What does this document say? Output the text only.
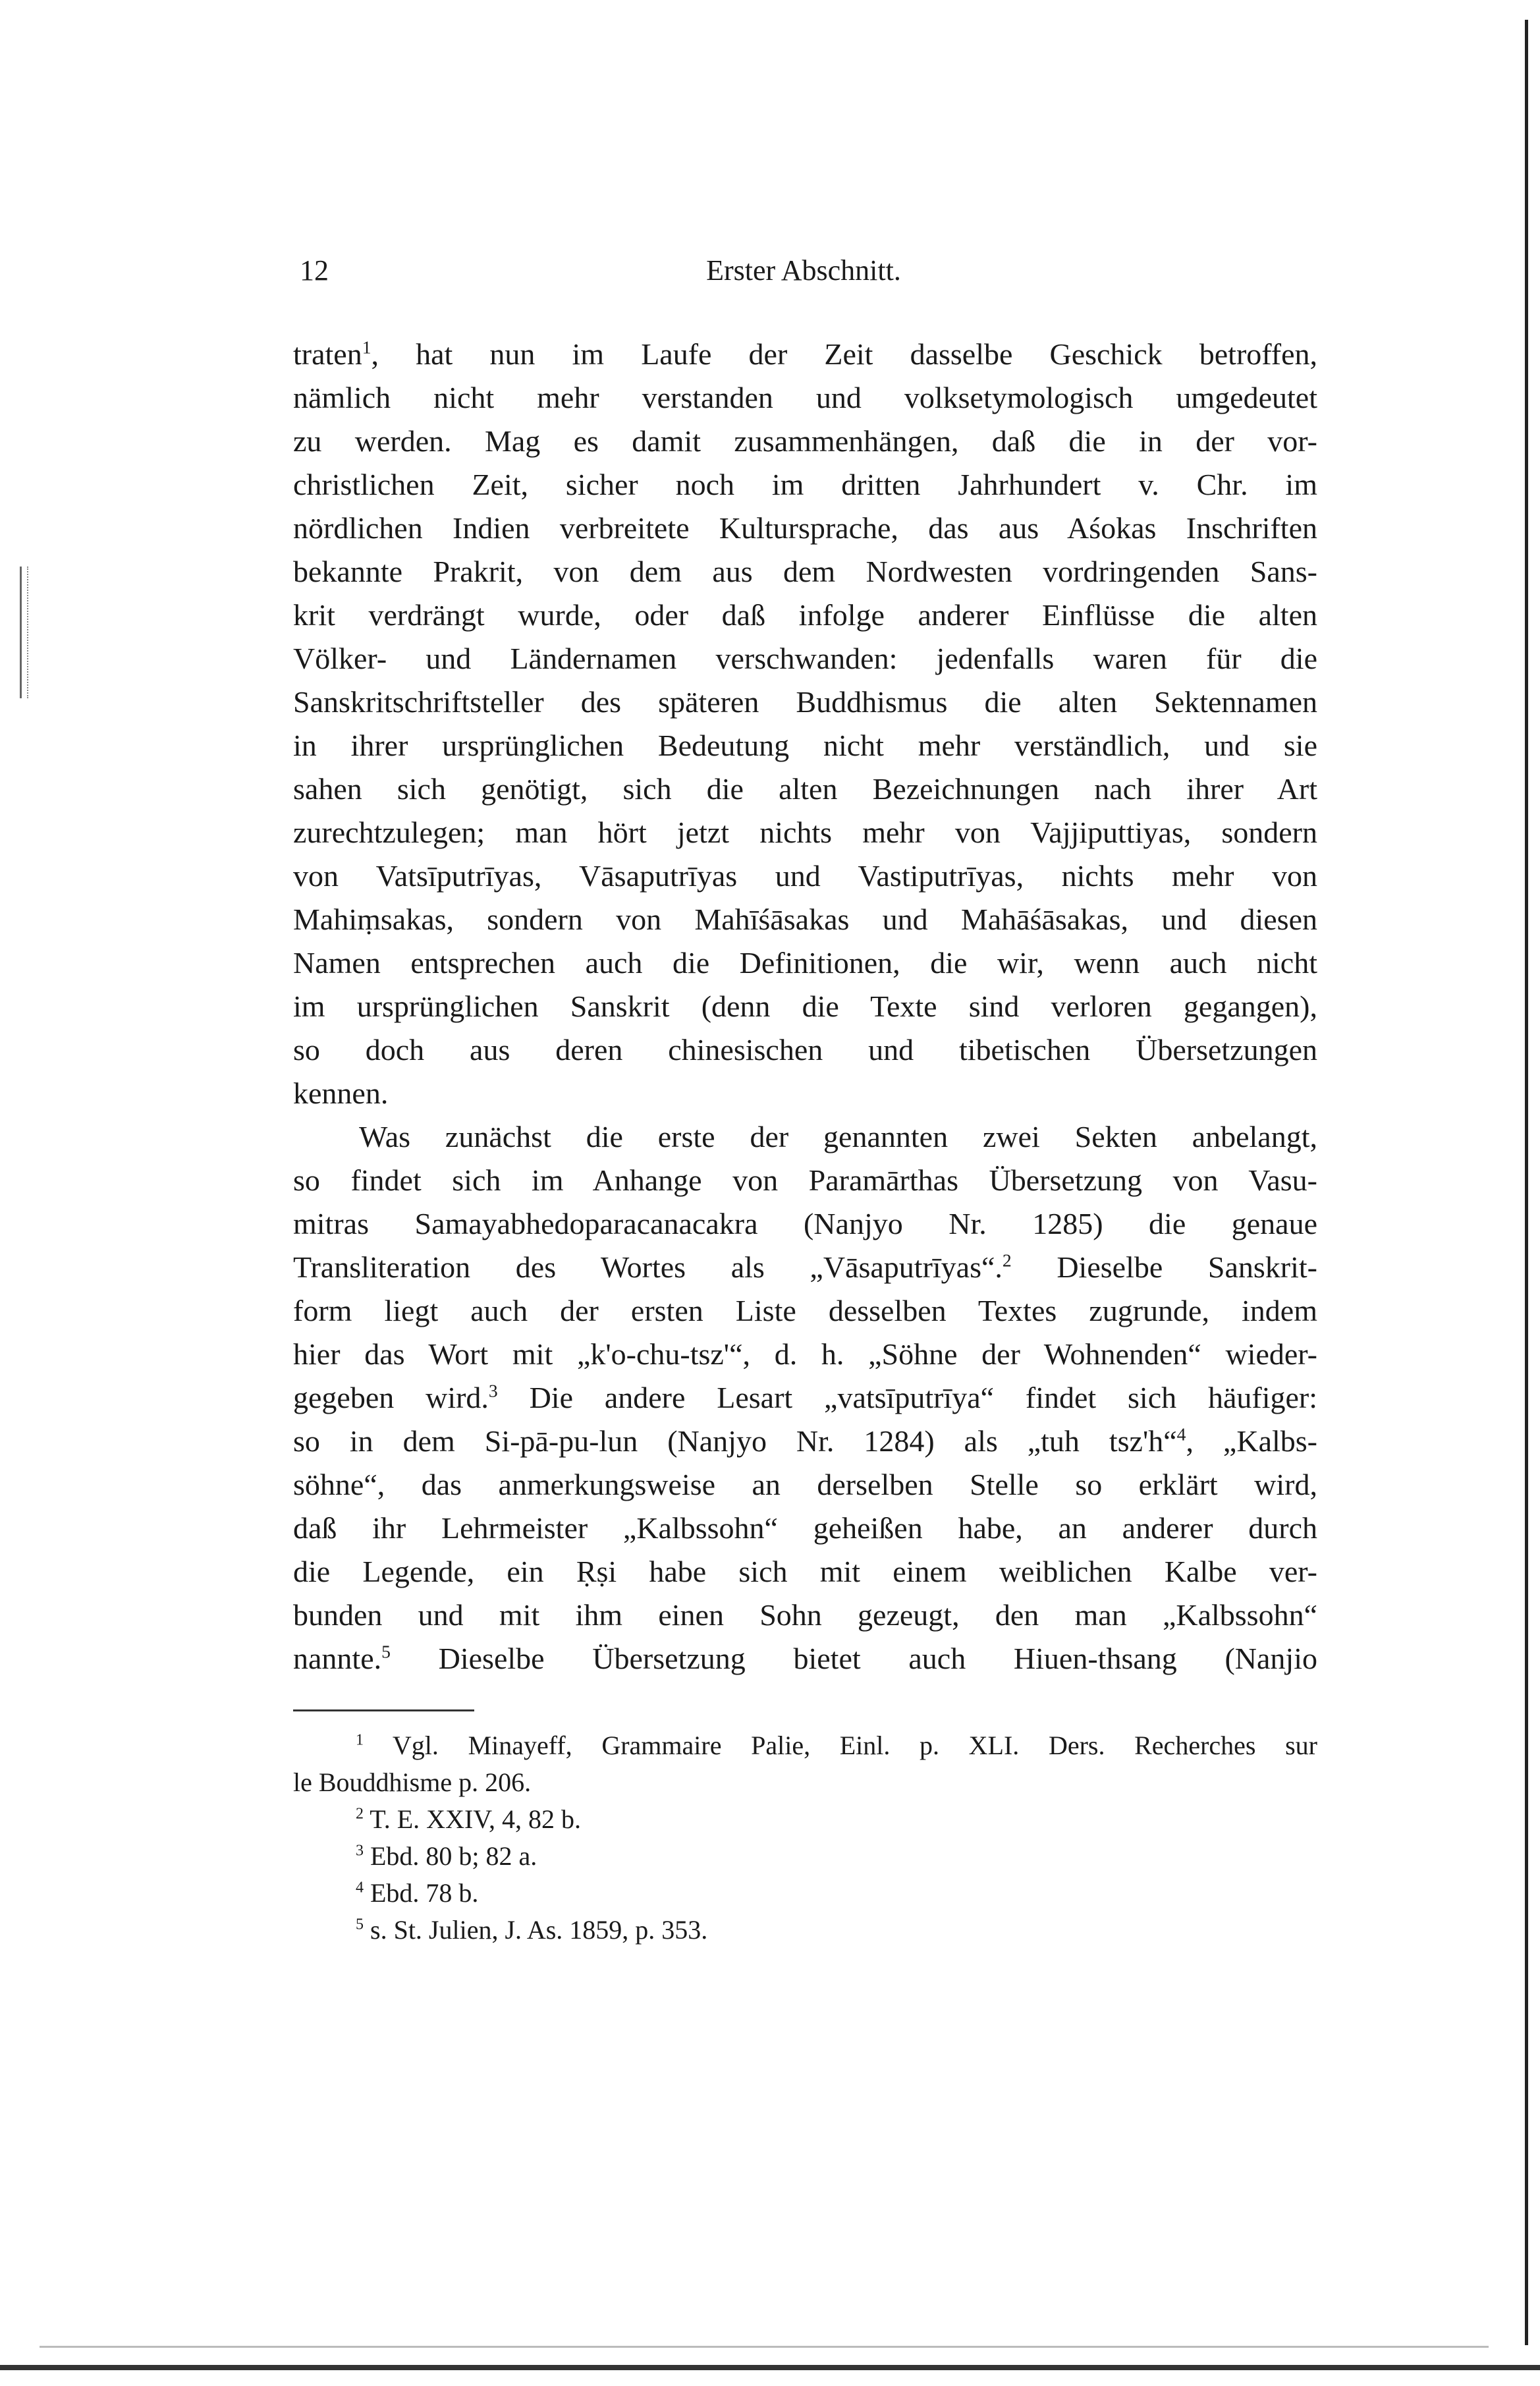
12	Erster Abschnitt.
traten$^1$, hat nun im Laufe der Zeit dasselbe Geschick betroffen,
nämlich nicht mehr verstanden und volksetymologisch umgedeutet
zu werden. Mag es damit zusammenhängen, daß die in der vor-
christlichen Zeit, sicher noch im dritten Jahrhundert v. Chr. im
nördlichen Indien verbreitete Kultursprache, das aus Aśokas Inschriften
bekannte Prakrit, von dem aus dem Nordwesten vordringenden Sans-
krit verdrängt wurde, oder daß infolge anderer Einflüsse die alten
Völker- und Ländernamen verschwanden: jedenfalls waren für die
Sanskritschriftsteller des späteren Buddhismus die alten Sektennamen
in ihrer ursprünglichen Bedeutung nicht mehr verständlich, und sie
sahen sich genötigt, sich die alten Bezeichnungen nach ihrer Art
zurechtzulegen; man hört jetzt nichts mehr von Vajjiputtiyas, sondern
von Vatsīputrīyas, Vāsaputrīyas und Vastiputrīyas, nichts mehr von
Mahiṃsakas, sondern von Mahīśāsakas und Mahāśāsakas, und diesen
Namen entsprechen auch die Definitionen, die wir, wenn auch nicht
im ursprünglichen Sanskrit (denn die Texte sind verloren gegangen),
so doch aus deren chinesischen und tibetischen Übersetzungen
kennen.
Was zunächst die erste der genannten zwei Sekten anbelangt,
so findet sich im Anhange von Paramārthas Übersetzung von Vasu-
mitras Samayabhedoparacanacakra (Nanjyo Nr. 1285) die genaue
Transliteration des Wortes als „Vāsaputrīyas“.$^2$ Dieselbe Sanskrit-
form liegt auch der ersten Liste desselben Textes zugrunde, indem
hier das Wort mit „k'o-chu-tsz'“, d. h. „Söhne der Wohnenden“ wieder-
gegeben wird.$^3$ Die andere Lesart „vatsīputrīya“ findet sich häufiger:
so in dem Si-pā-pu-lun (Nanjyo Nr. 1284) als „tuh tsz'h“$^4$, „Kalbs-
söhne“, das anmerkungsweise an derselben Stelle so erklärt wird,
daß ihr Lehrmeister „Kalbssohn“ geheißen habe, an anderer durch
die Legende, ein Ṛṣi habe sich mit einem weiblichen Kalbe ver-
bunden und mit ihm einen Sohn gezeugt, den man „Kalbssohn“
nannte.$^5$ Dieselbe Übersetzung bietet auch Hiuen-thsang (Nanjio
$^1$ Vgl. Minayeff, Grammaire Palie, Einl. p. XLI. Ders. Recherches sur
le Bouddhisme p. 206.
$^2$ T. E. XXIV, 4, 82 b.
$^3$ Ebd. 80 b; 82 a.
$^4$ Ebd. 78 b.
$^5$ s. St. Julien, J. As. 1859, p. 353.
